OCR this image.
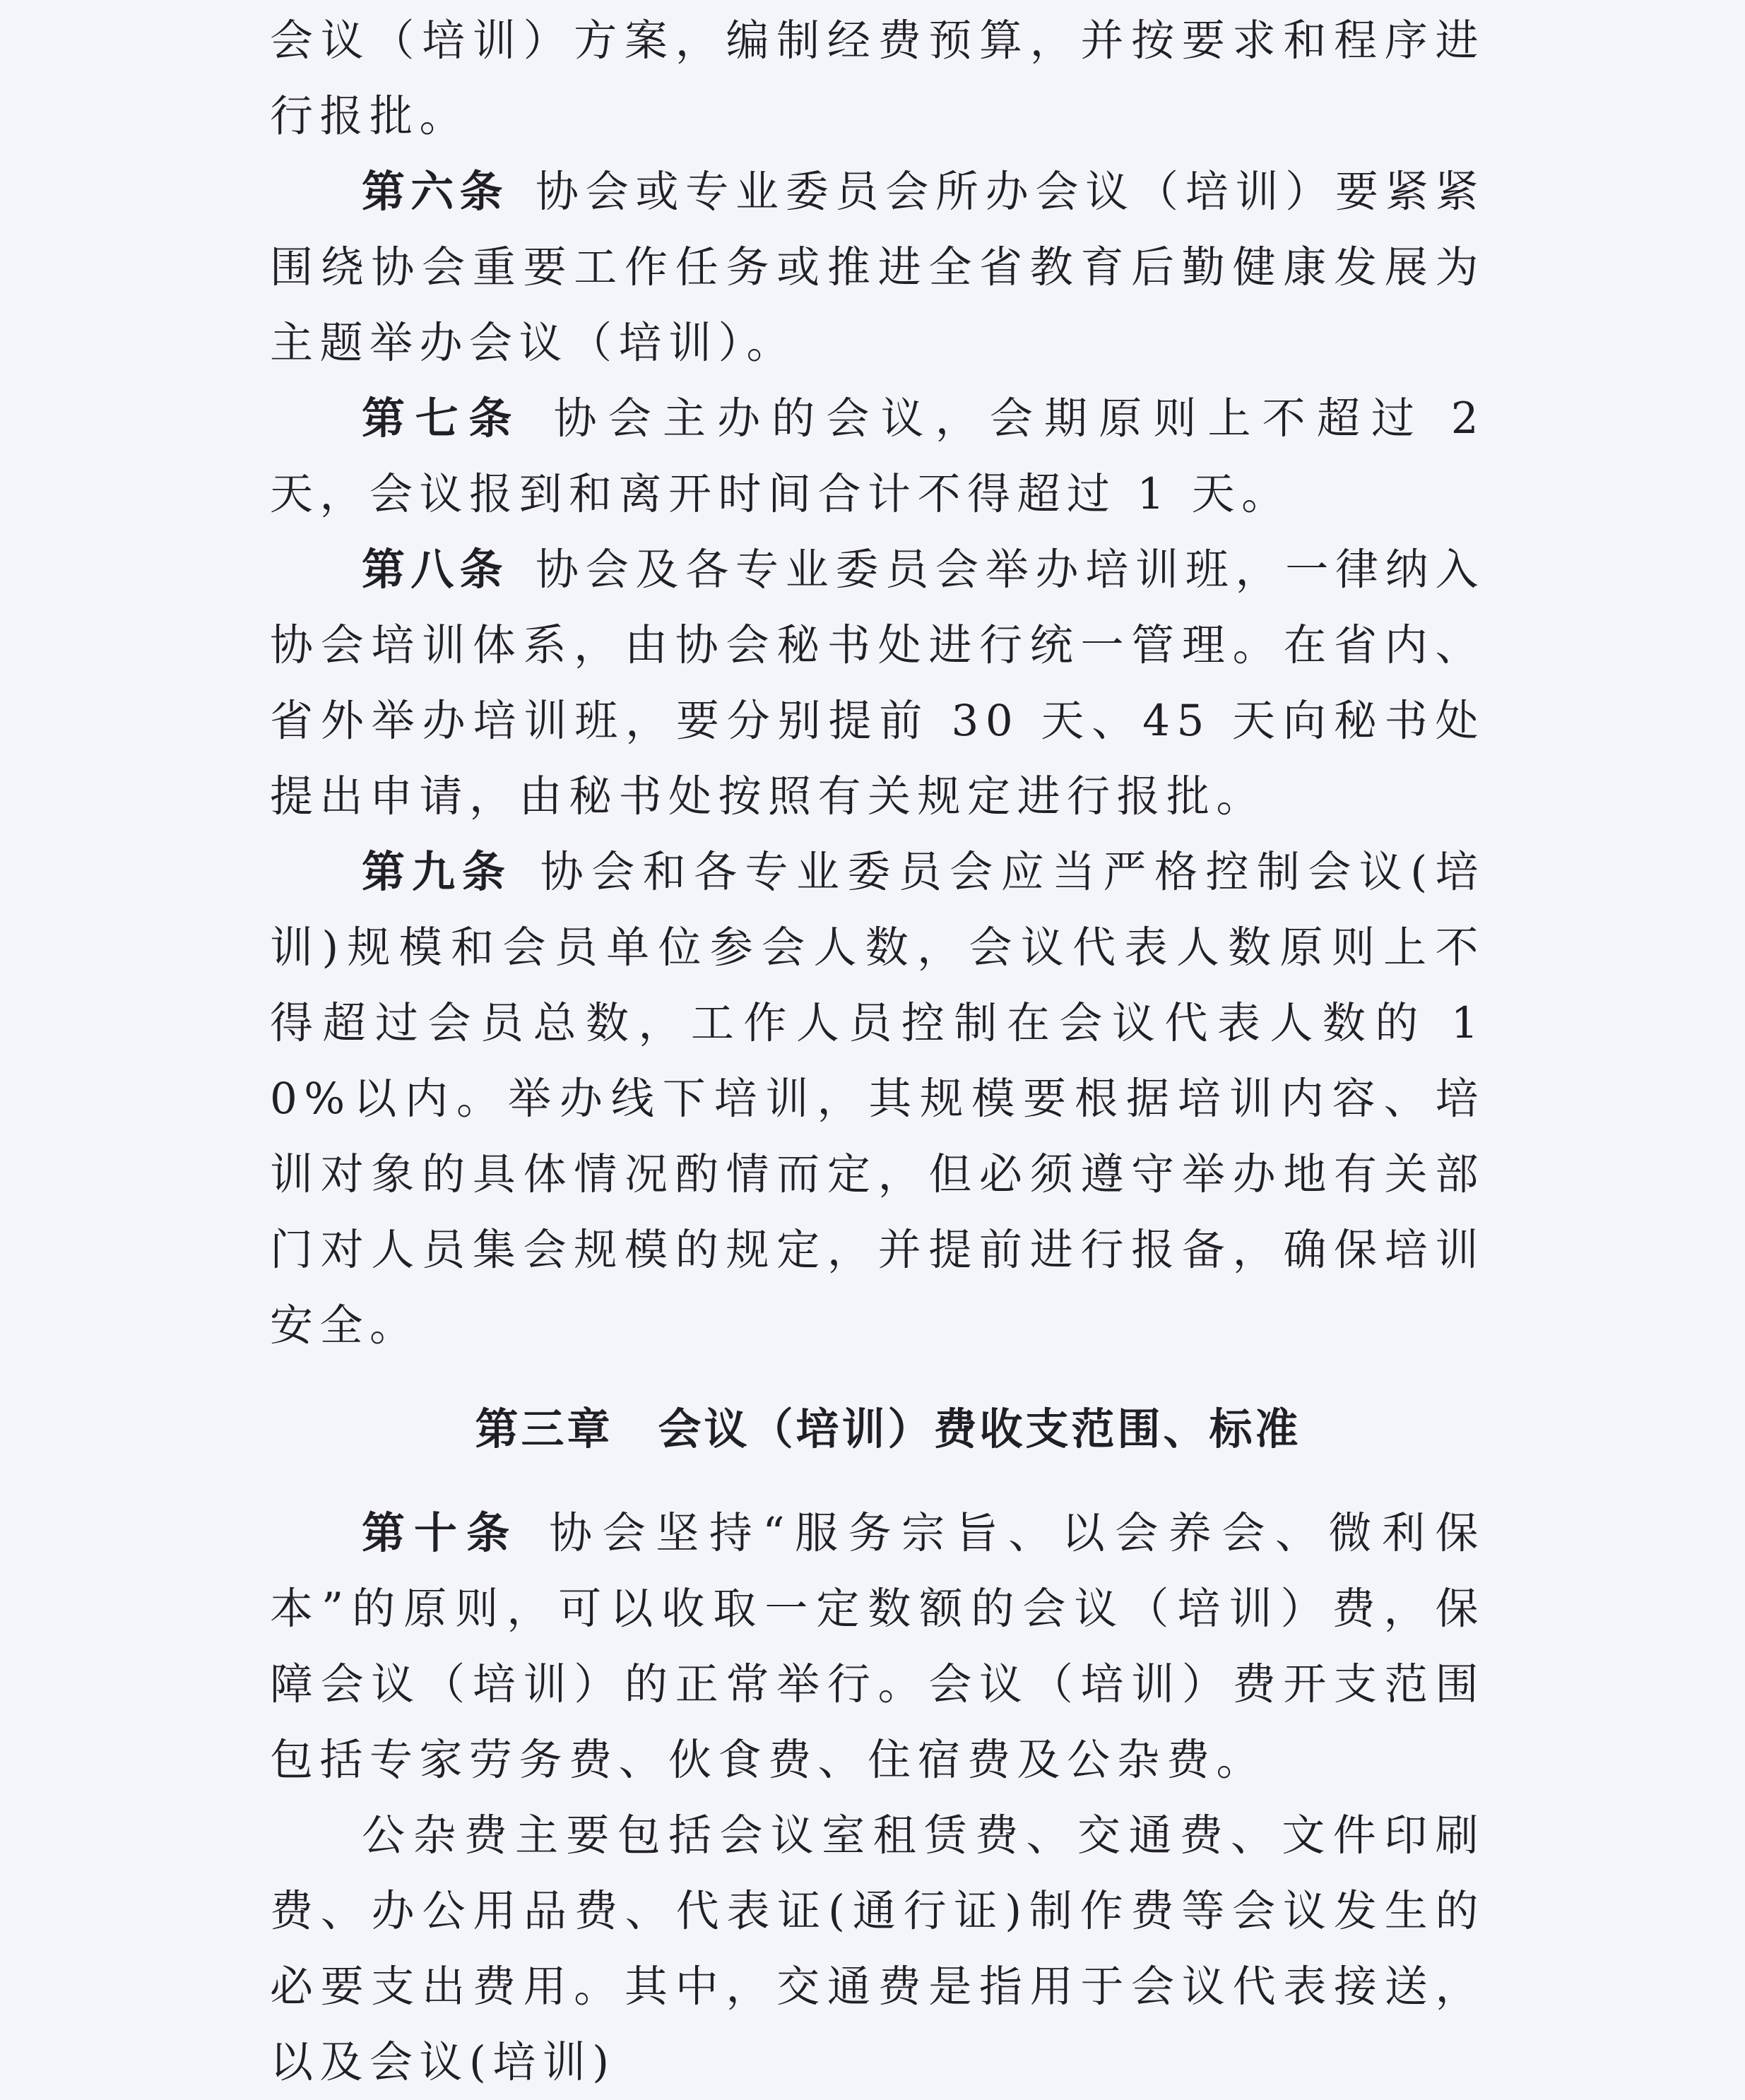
会议（培训）方案，编制经费预算，并按要求和程序进行报批。

第六条 协会或专业委员会所办会议（培训）要紧紧围绕协会重要工作任务或推进全省教育后勤健康发展为主题举办会议（培训）。

第七条 协会主办的会议，会期原则上不超过 2 天，会议报到和离开时间合计不得超过 1 天。

第八条 协会及各专业委员会举办培训班，一律纳入协会培训体系，由协会秘书处进行统一管理。在省内、省外举办培训班，要分别提前 30 天、45 天向秘书处提出申请，由秘书处按照有关规定进行报批。

第九条 协会和各专业委员会应当严格控制会议(培训)规模和会员单位参会人数，会议代表人数原则上不得超过会员总数，工作人员控制在会议代表人数的 10%以内。举办线下培训，其规模要根据培训内容、培训对象的具体情况酌情而定，但必须遵守举办地有关部门对人员集会规模的规定，并提前进行报备，确保培训安全。

第三章 会议（培训）费收支范围、标准

第十条 协会坚持“服务宗旨、以会养会、微利保本”的原则，可以收取一定数额的会议（培训）费，保障会议（培训）的正常举行。会议（培训）费开支范围包括专家劳务费、伙食费、住宿费及公杂费。

公杂费主要包括会议室租赁费、交通费、文件印刷费、办公用品费、代表证(通行证)制作费等会议发生的必要支出费用。其中，交通费是指用于会议代表接送，以及会议(培训)
